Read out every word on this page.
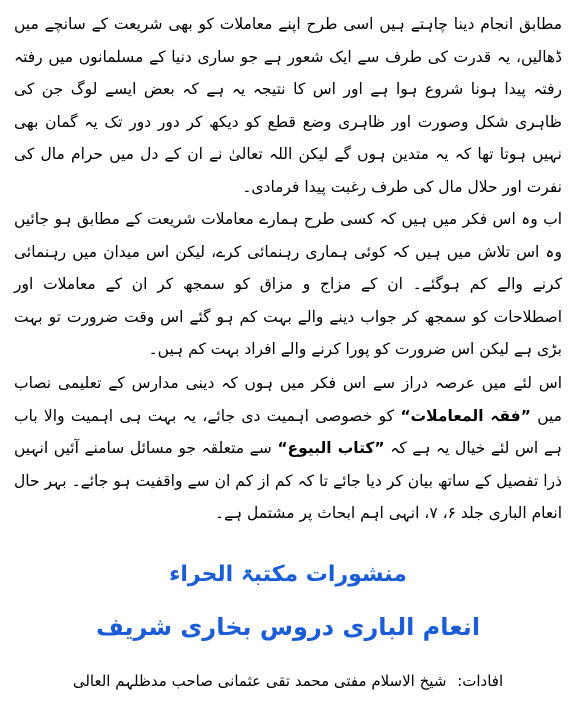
مطابق انجام دینا چاہتے ہیں اسی طرح اپنے معاملات کو بھی شریعت کے سانچے میں ڈھالیں، یہ قدرت کی طرف سے ایک شعور ہے جو ساری دنیا کے مسلمانوں میں رفتہ رفتہ پیدا ہونا شروع ہوا ہے اور اس کا نتیجہ یہ ہے کہ بعض ایسے لوگ جن کی ظاہری شکل وصورت اور ظاہری وضع قطع کو دیکھ کر دور دور تک یہ گمان بھی نہیں ہوتا تھا کہ یہ متدین ہوں گے لیکن اللہ تعالیٰ نے ان کے دل میں حرام مال کی نفرت اور حلال مال کی طرف رغبت پیدا فرمادی۔

اب وہ اس فکر میں ہیں کہ کسی طرح ہمارے معاملات شریعت کے مطابق ہو جائیں وہ اس تلاش میں ہیں کہ کوئی ہماری رہنمائی کرے، لیکن اس میدان میں رہنمائی کرنے والے کم ہوگئے۔ ان کے مزاج و مزاق کو سمجھ کر ان کے معاملات اور اصطلاحات کو سمجھ کر جواب دینے والے بہت کم ہو گئے اس وقت ضرورت تو بہت بڑی ہے لیکن اس ضرورت کو پورا کرنے والے افراد بہت کم ہیں۔

اس لئے میں عرصہ دراز سے اس فکر میں ہوں کہ دینی مدارس کے تعلیمی نصاب میں ”فقہ المعاملات“ کو خصوصی اہمیت دی جائے، یہ بہت ہی اہمیت والا باب ہے اس لئے خیال یہ ہے کہ ”کتاب البیوع“ سے متعلقہ جو مسائل سامنے آئیں انہیں ذرا تفصیل کے ساتھ بیان کر دیا جائے تا کہ کم از کم ان سے واقفیت ہو جائے۔ بہر حال انعام الباری جلد ۶، ۷، انہی اہم ابحاث پر مشتمل ہے۔

منشورات مکتبۃ الحراء
انعام الباری دروس بخاری شریف
افادات: شیخ الاسلام مفتی محمد تقی عثمانی صاحب مدظلہم العالی
